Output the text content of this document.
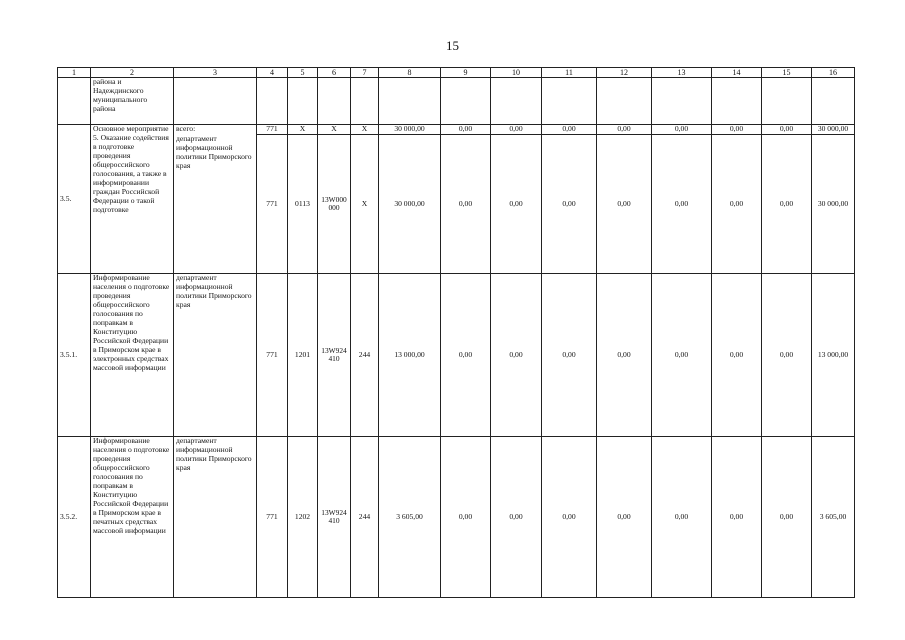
15
1	2	3	4	5	6	7	8	9	10	11	12	13	14	15	16
	района и Надеждинского муниципального района														
3.5.	Основное мероприятие 5. Оказание содействия в подготовке проведения общероссийского голосования, а также в информировании граждан Российской Федерации о такой подготовке	всего:	771	X	X	X	30 000,00	0,00	0,00	0,00	0,00	0,00	0,00	0,00	30 000,00
		департамент информационной политики Приморского края	771	0113	13W000 000	X	30 000,00	0,00	0,00	0,00	0,00	0,00	0,00	0,00	30 000,00
3.5.1.	Информирование населения о подготовке проведения общероссийского голосования по поправкам в Конституцию Российской Федерации в Приморском крае в электронных средствах массовой информации	департамент информационной политики Приморского края	771	1201	13W924 410	244	13 000,00	0,00	0,00	0,00	0,00	0,00	0,00	0,00	13 000,00
3.5.2.	Информирование населения о подготовке проведения общероссийского голосования по поправкам в Конституцию Российской Федерации в Приморском крае в печатных средствах массовой информации	департамент информационной политики Приморского края	771	1202	13W924 410	244	3 605,00	0,00	0,00	0,00	0,00	0,00	0,00	0,00	3 605,00
